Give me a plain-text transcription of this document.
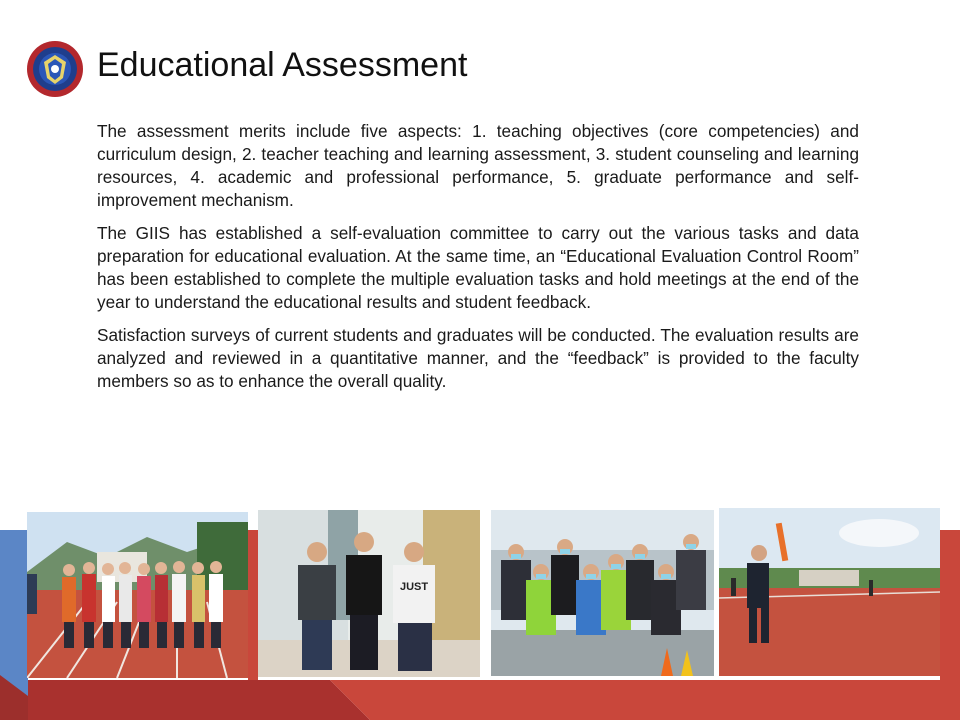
Educational Assessment

The assessment merits include five aspects: 1. teaching objectives (core competencies) and curriculum design, 2. teacher teaching and learning assessment, 3. student counseling and learning resources, 4. academic and professional performance, 5. graduate performance and self-improvement mechanism.

The GIIS has established a self-evaluation committee to carry out the various tasks and data preparation for educational evaluation. At the same time, an “Educational Evaluation Control Room” has been established to complete the multiple evaluation tasks and hold meetings at the end of the year to understand the educational results and student feedback.

Satisfaction surveys of current students and graduates will be conducted. The evaluation results are analyzed and reviewed in a quantitative manner, and the “feedback” is provided to the faculty members so as to enhance the overall quality.

JUST
